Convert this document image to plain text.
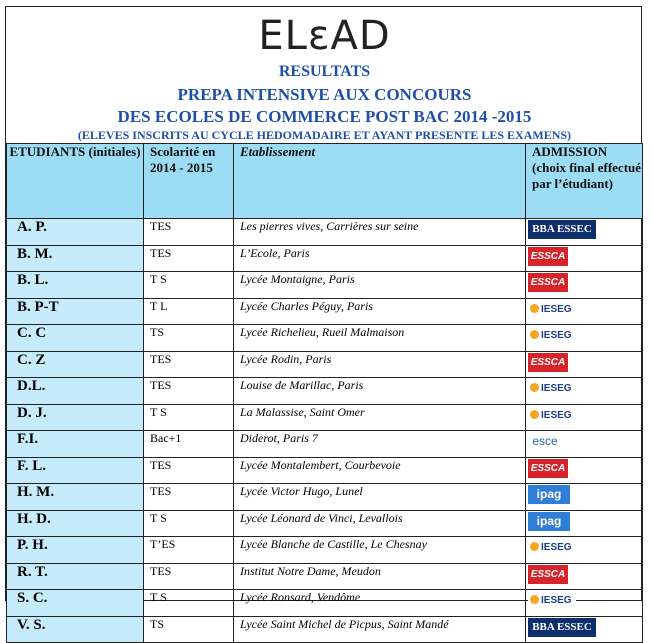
ELεAD
RESULTATS
PREPA INTENSIVE AUX CONCOURS
DES ECOLES DE COMMERCE POST BAC 2014 -2015
(ELEVES INSCRITS AU CYCLE HEDOMADAIRE ET AYANT PRESENTE LES EXAMENS)
ETUDIANTS (initiales)	Scolarité en 2014 - 2015	Etablissement	ADMISSION (choix final effectué par l’étudiant)
A. P.	TES	Les pierres vives, Carrières sur seine	BBA ESSEC
B. M.	TES	L’Ecole, Paris	ESSCA
B. L.	T S	Lycée Montaigne, Paris	ESSCA
B. P-T	T L	Lycée Charles Péguy, Paris	IESEG
C. C	TS	Lycée Richelieu, Rueil Malmaison	IESEG
C. Z	TES	Lycée Rodin, Paris	ESSCA
D.L.	TES	Louise de Marillac, Paris	IESEG
D. J.	T S	La Malassise, Saint Omer	IESEG
F.I.	Bac+1	Diderot, Paris 7	esce
F. L.	TES	Lycée Montalembert, Courbevoie	ESSCA
H. M.	TES	Lycée Victor Hugo, Lunel	ipag
H. D.	T S	Lycée Léonard de Vinci, Levallois	ipag
P. H.	T’ES	Lycée Blanche de Castille, Le Chesnay	IESEG
R. T.	TES	Institut Notre Dame, Meudon	ESSCA
S. C.	T S	Lycée Ronsard, Vendôme	IESEG
V. S.	TS	Lycée Saint Michel de Picpus, Saint Mandé	BBA ESSEC
